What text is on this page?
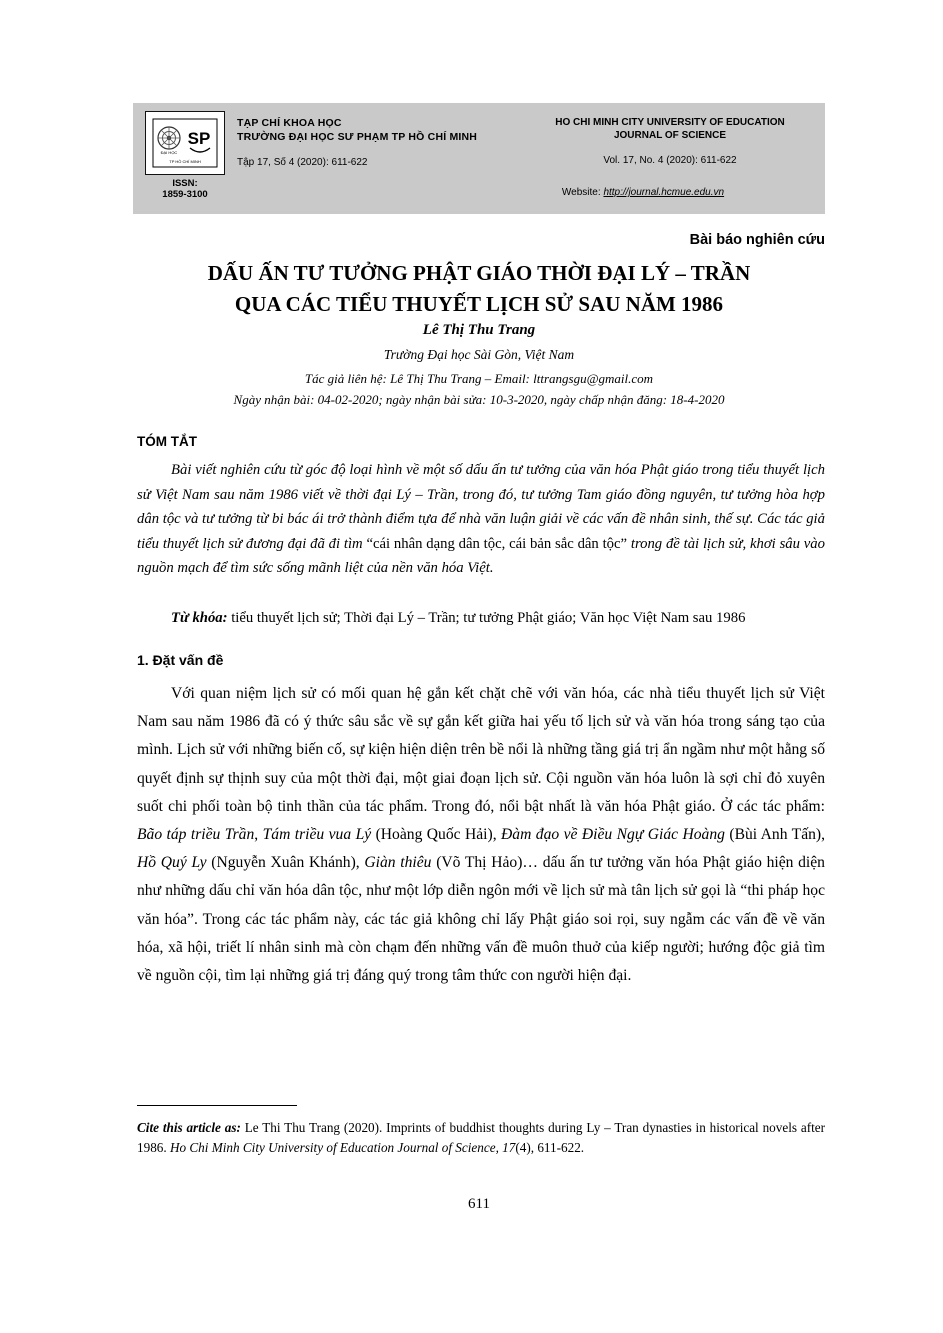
ĐẠI HỌC
SP
TP HỒ CHÍ MINH
ISSN:
1859-3100
TẠP CHÍ KHOA HỌC
TRƯỜNG ĐẠI HỌC SƯ PHẠM TP HỒ CHÍ MINH
Tập 17, Số 4 (2020): 611-622
HO CHI MINH CITY UNIVERSITY OF EDUCATION
JOURNAL OF SCIENCE
Vol. 17, No. 4 (2020): 611-622
Website: http://journal.hcmue.edu.vn
Bài báo nghiên cứu
DẤU ẤN TƯ TƯỞNG PHẬT GIÁO THỜI ĐẠI LÝ – TRẦN
QUA CÁC TIỂU THUYẾT LỊCH SỬ SAU NĂM 1986
Lê Thị Thu Trang
Trường Đại học Sài Gòn, Việt Nam
Tác giả liên hệ: Lê Thị Thu Trang – Email: lttrangsgu@gmail.com
Ngày nhận bài: 04-02-2020; ngày nhận bài sửa: 10-3-2020, ngày chấp nhận đăng: 18-4-2020
TÓM TẮT
Bài viết nghiên cứu từ góc độ loại hình về một số dấu ấn tư tưởng của văn hóa Phật giáo trong tiểu thuyết lịch sử Việt Nam sau năm 1986 viết về thời đại Lý – Trần, trong đó, tư tưởng Tam giáo đồng nguyên, tư tưởng hòa hợp dân tộc và tư tưởng từ bi bác ái trở thành điểm tựa để nhà văn luận giải về các vấn đề nhân sinh, thế sự. Các tác giả tiểu thuyết lịch sử đương đại đã đi tìm “cái nhân dạng dân tộc, cái bản sắc dân tộc” trong đề tài lịch sử, khơi sâu vào nguồn mạch để tìm sức sống mãnh liệt của nền văn hóa Việt.
Từ khóa: tiểu thuyết lịch sử; Thời đại Lý – Trần; tư tưởng Phật giáo; Văn học Việt Nam sau 1986
1. Đặt vấn đề
Với quan niệm lịch sử có mối quan hệ gắn kết chặt chẽ với văn hóa, các nhà tiểu thuyết lịch sử Việt Nam sau năm 1986 đã có ý thức sâu sắc về sự gắn kết giữa hai yếu tố lịch sử và văn hóa trong sáng tạo của mình. Lịch sử với những biến cố, sự kiện hiện diện trên bề nổi là những tầng giá trị ẩn ngầm như một hằng số quyết định sự thịnh suy của một thời đại, một giai đoạn lịch sử. Cội nguồn văn hóa luôn là sợi chỉ đỏ xuyên suốt chi phối toàn bộ tinh thần của tác phẩm. Trong đó, nổi bật nhất là văn hóa Phật giáo. Ở các tác phẩm: Bão táp triều Trần, Tám triều vua Lý (Hoàng Quốc Hải), Đàm đạo về Điều Ngự Giác Hoàng (Bùi Anh Tấn), Hồ Quý Ly (Nguyễn Xuân Khánh), Giàn thiêu (Võ Thị Hảo)… dấu ấn tư tưởng văn hóa Phật giáo hiện diện như những dấu chỉ văn hóa dân tộc, như một lớp diễn ngôn mới về lịch sử mà tân lịch sử gọi là “thi pháp học văn hóa”. Trong các tác phẩm này, các tác giả không chỉ lấy Phật giáo soi rọi, suy ngẫm các vấn đề về văn hóa, xã hội, triết lí nhân sinh mà còn chạm đến những vấn đề muôn thuở của kiếp người; hướng độc giả tìm về nguồn cội, tìm lại những giá trị đáng quý trong tâm thức con người hiện đại.
Cite this article as: Le Thi Thu Trang (2020). Imprints of buddhist thoughts during Ly – Tran dynasties in historical novels after 1986. Ho Chi Minh City University of Education Journal of Science, 17(4), 611-622.
611
